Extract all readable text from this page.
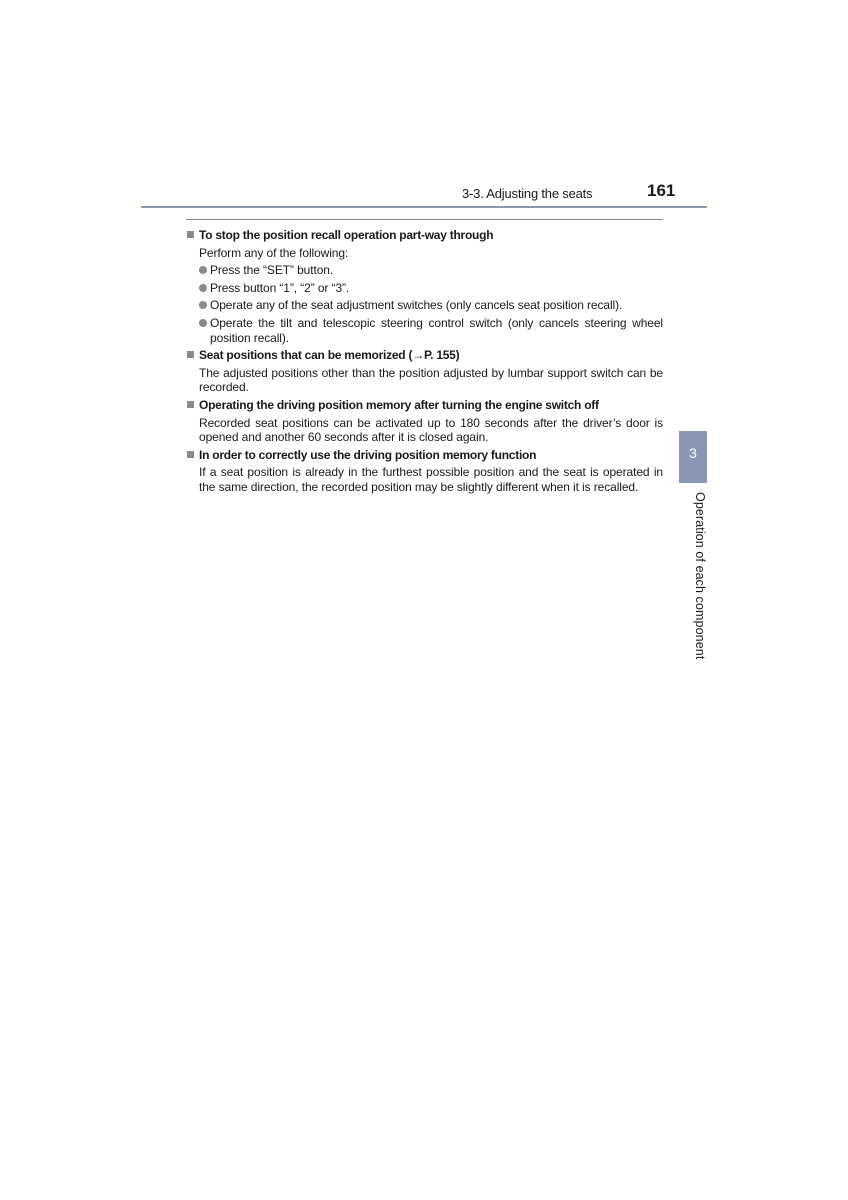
3-3. Adjusting the seats	161
To stop the position recall operation part-way through
Perform any of the following:
Press the “SET” button.
Press button “1”, “2” or “3”.
Operate any of the seat adjustment switches (only cancels seat position recall).
Operate the tilt and telescopic steering control switch (only cancels steering wheel position recall).
Seat positions that can be memorized (→P. 155)
The adjusted positions other than the position adjusted by lumbar support switch can be recorded.
Operating the driving position memory after turning the engine switch off
Recorded seat positions can be activated up to 180 seconds after the driver’s door is opened and another 60 seconds after it is closed again.
In order to correctly use the driving position memory function
If a seat position is already in the furthest possible position and the seat is operated in the same direction, the recorded position may be slightly different when it is recalled.
3
Operation of each component
